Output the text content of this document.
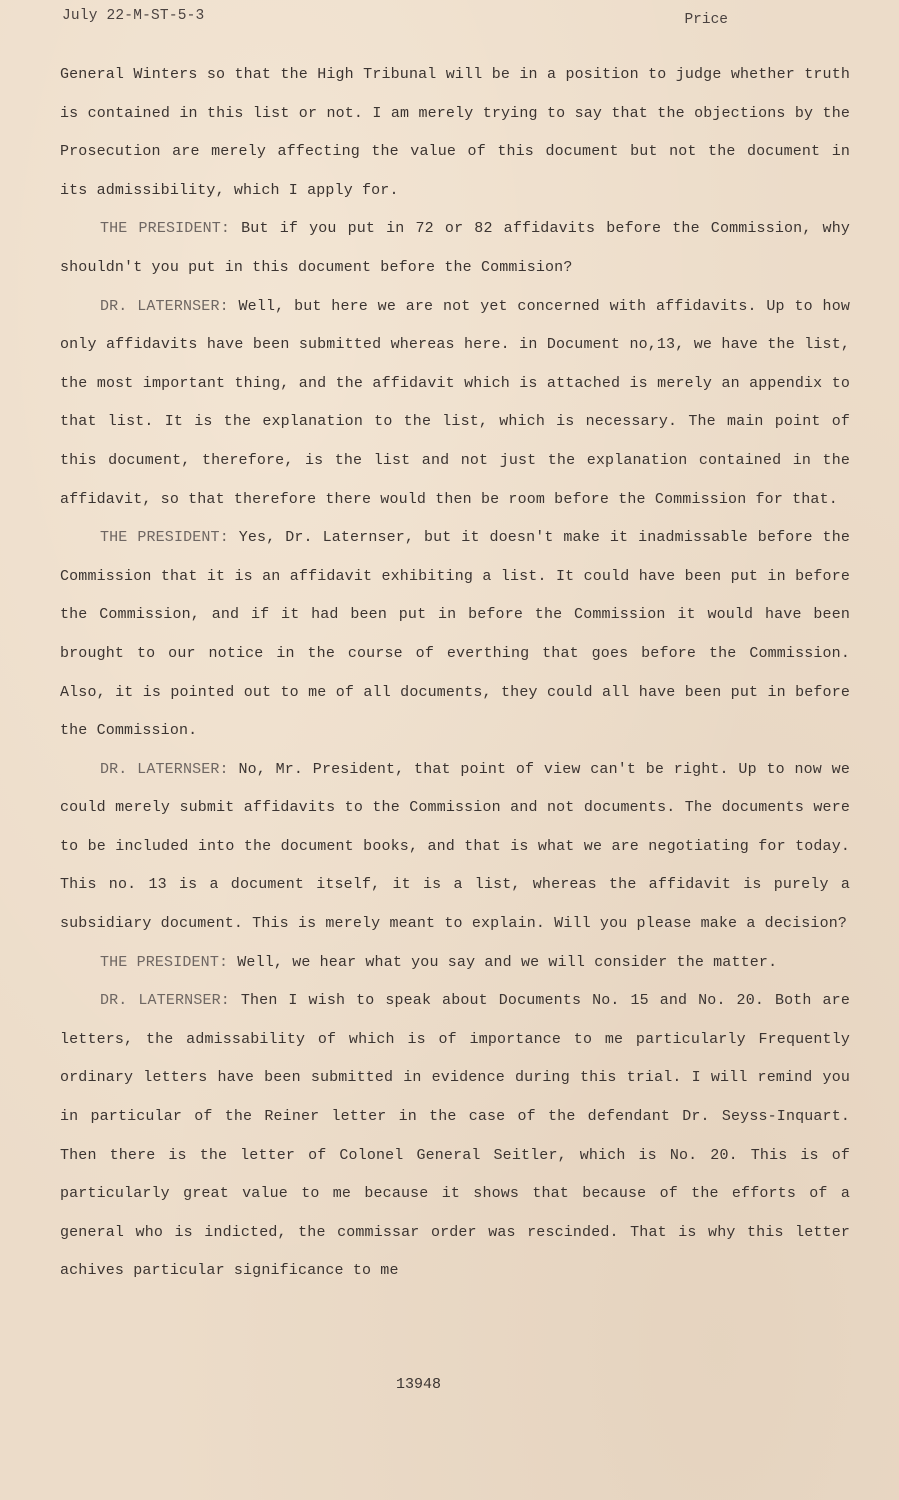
July 22-M-ST-5-3	Price

General Winters so that the High Tribunal will be in a position to judge whether truth is contained in this list or not. I am merely trying to say that the objections by the Prosecution are merely affecting the value of this document but not the document in its admissibility, which I apply for.

THE PRESIDENT: But if you put in 72 or 82 affidavits before the Commission, why shouldn't you put in this document before the Commision?

DR. LATERNSER: Well, but here we are not yet concerned with affidavits. Up to how only affidavits have been submitted whereas here. in Document no,13, we have the list, the most important thing, and the affidavit which is attached is merely an appendix to that list. It is the explanation to the list, which is necessary. The main point of this document, therefore, is the list and not just the explanation contained in the affidavit, so that therefore there would then be room before the Commission for that.

THE PRESIDENT: Yes, Dr. Laternser, but it doesn't make it inadmissable before the Commission that it is an affidavit exhibiting a list. It could have been put in before the Commission, and if it had been put in before the Commission it would have been brought to our notice in the course of everthing that goes before the Commission. Also, it is pointed out to me of all documents, they could all have been put in before the Commission.

DR. LATERNSER: No, Mr. President, that point of view can't be right. Up to now we could merely submit affidavits to the Commission and not documents. The documents were to be included into the document books, and that is what we are negotiating for today. This no. 13 is a document itself, it is a list, whereas the affidavit is purely a subsidiary document. This is merely meant to explain. Will you please make a decision?

THE PRESIDENT: Well, we hear what you say and we will consider the matter.

DR. LATERNSER: Then I wish to speak about Documents No. 15 and No. 20. Both are letters, the admissability of which is of importance to me particularly Frequently ordinary letters have been submitted in evidence during this trial. I will remind you in particular of the Reiner letter in the case of the defendant Dr. Seyss-Inquart. Then there is the letter of Colonel General Seitler, which is No. 20. This is of particularly great value to me because it shows that because of the efforts of a general who is indicted, the commissar order was rescinded. That is why this letter achives particular significance to me

13948
